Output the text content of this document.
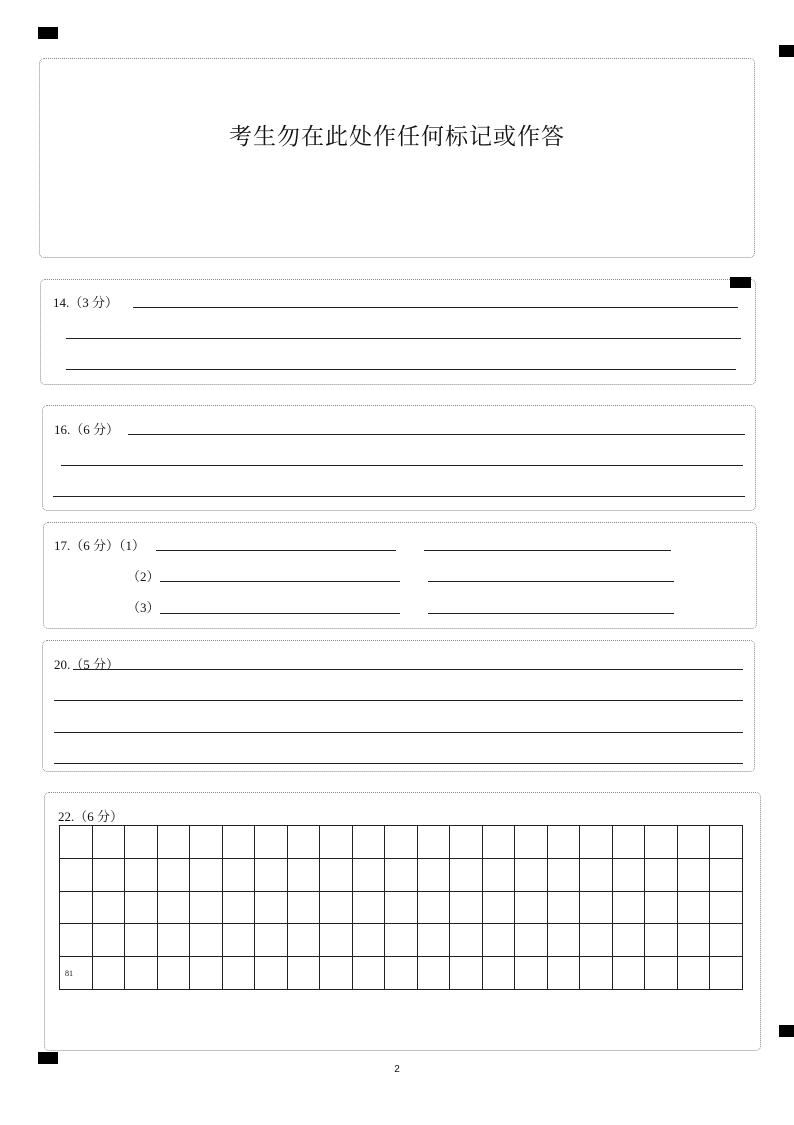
考生勿在此处作任何标记或作答
14.（3 分）
16.（6 分）
17.（6 分）（1）
（2）
（3）
20.（5 分）
22.（6 分）

81																				
2
